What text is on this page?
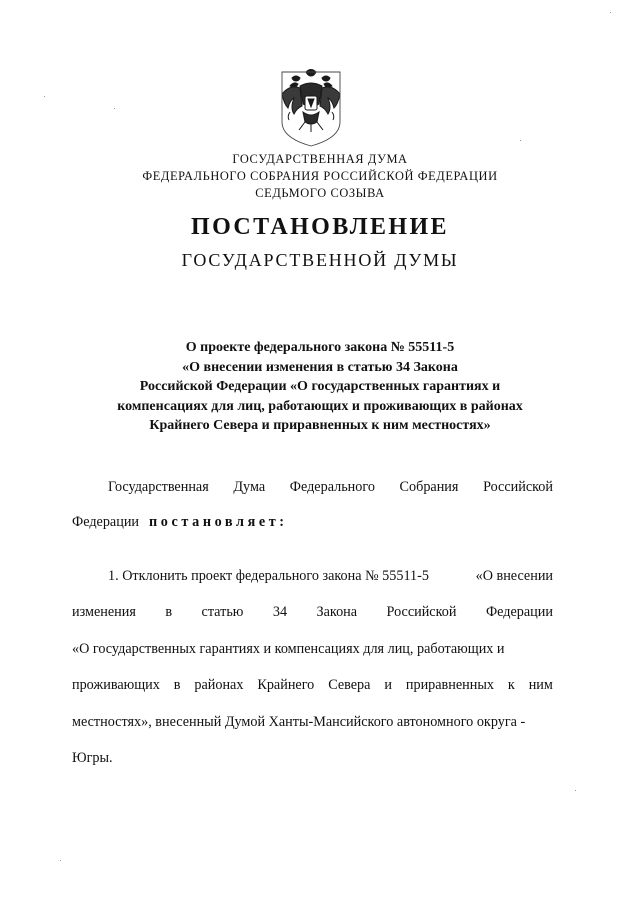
ГОСУДАРСТВЕННАЯ ДУМА
ФЕДЕРАЛЬНОГО СОБРАНИЯ РОССИЙСКОЙ ФЕДЕРАЦИИ
СЕДЬМОГО СОЗЫВА
ПОСТАНОВЛЕНИЕ
ГОСУДАРСТВЕННОЙ ДУМЫ
О проекте федерального закона № 55511-5
«О внесении изменения в статью 34 Закона
Российской Федерации «О государственных гарантиях и
компенсациях для лиц, работающих и проживающих в районах
Крайнего Севера и приравненных к ним местностях»
Государственная Дума Федерального Собрания Российской
Федерации постановляет:
1. Отклонить проект федерального закона № 55511-5	«О внесении
изменения в статью 34 Закона Российской Федерации
«О государственных гарантиях и компенсациях для лиц, работающих и
проживающих в районах Крайнего Севера и приравненных к ним
местностях», внесенный Думой Ханты-Мансийского автономного округа -
Югры.
